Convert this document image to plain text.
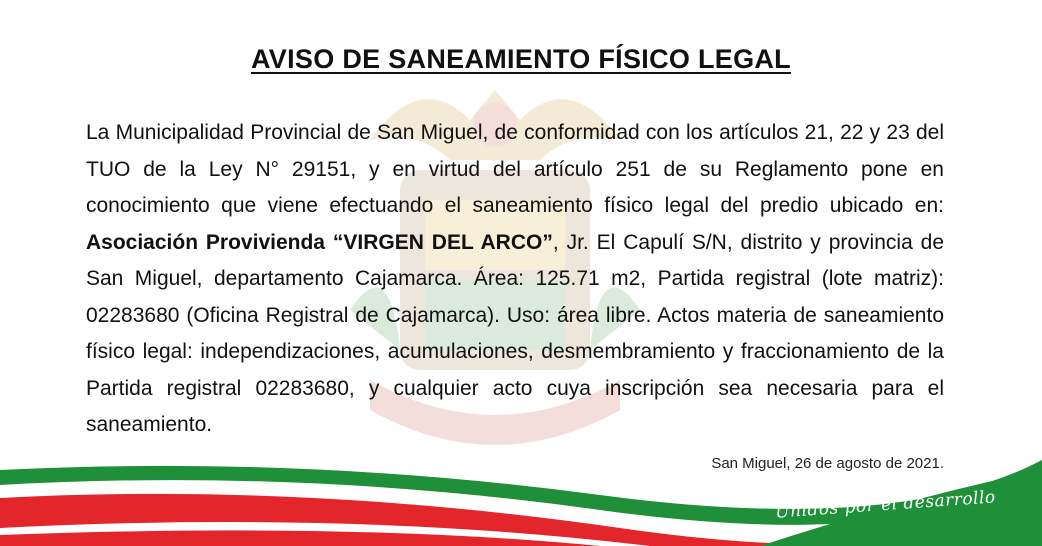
AVISO DE SANEAMIENTO FÍSICO LEGAL
La Municipalidad Provincial de San Miguel, de conformidad con los artículos 21, 22 y 23 del TUO de la Ley N° 29151, y en virtud del artículo 251 de su Reglamento pone en conocimiento que viene efectuando el saneamiento físico legal del predio ubicado en: Asociación Provivienda “VIRGEN DEL ARCO”, Jr. El Capulí S/N, distrito y provincia de San Miguel, departamento Cajamarca. Área: 125.71 m2, Partida registral (lote matriz): 02283680 (Oficina Registral de Cajamarca). Uso: área libre. Actos materia de saneamiento físico legal: independizaciones, acumulaciones, desmembramiento y fraccionamiento de la Partida registral 02283680, y cualquier acto cuya inscripción sea necesaria para el saneamiento.
San Miguel, 26 de agosto de 2021.
Unidos por el desarrollo
